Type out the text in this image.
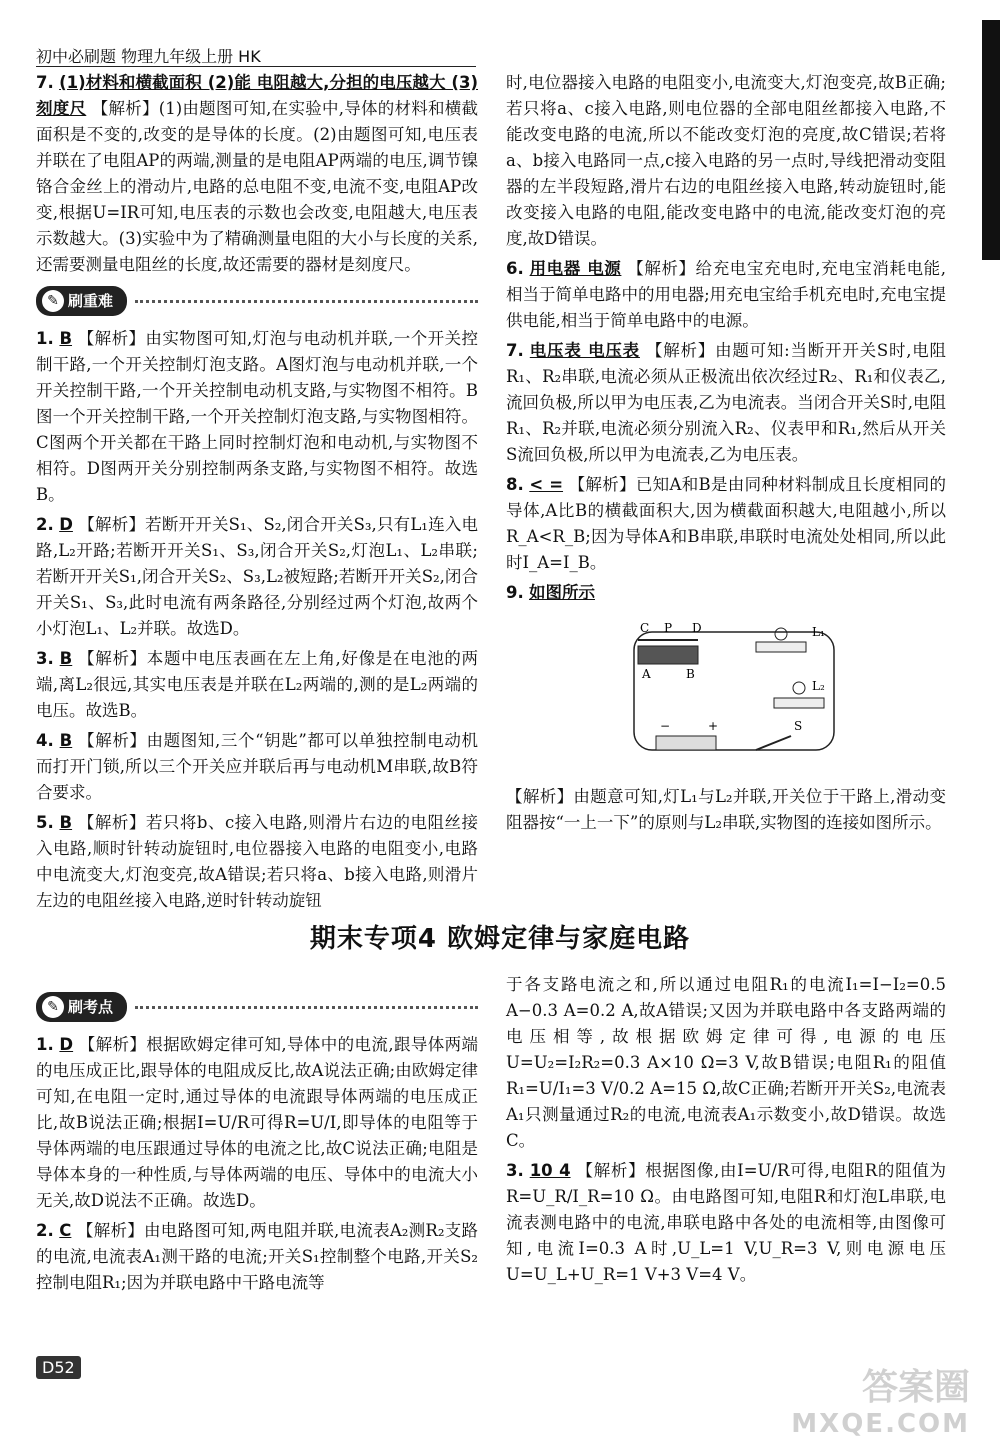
初中必刷题 物理九年级上册 HK
7. (1)材料和横截面积 (2)能 电阻越大,分担的电压越大 (3)刻度尺 【解析】(1)由题图可知,在实验中,导体的材料和横截面积是不变的,改变的是导体的长度。(2)由题图可知,电压表并联在了电阻AP的两端,测量的是电阻AP两端的电压,调节镍铬合金丝上的滑动片,电路的总电阻不变,电流不变,电阻AP改变,根据U=IR可知,电压表的示数也会改变,电阻越大,电压表示数越大。(3)实验中为了精确测量电阻的大小与长度的关系,还需要测量电阻丝的长度,故还需要的器材是刻度尺。
✎ 刷重难
1. B 【解析】由实物图可知,灯泡与电动机并联,一个开关控制干路,一个开关控制灯泡支路。A图灯泡与电动机并联,一个开关控制干路,一个开关控制电动机支路,与实物图不相符。B图一个开关控制干路,一个开关控制灯泡支路,与实物图相符。C图两个开关都在干路上同时控制灯泡和电动机,与实物图不相符。D图两开关分别控制两条支路,与实物图不相符。故选B。
2. D 【解析】若断开开关S₁、S₂,闭合开关S₃,只有L₁连入电路,L₂开路;若断开开关S₁、S₃,闭合开关S₂,灯泡L₁、L₂串联;若断开开关S₁,闭合开关S₂、S₃,L₂被短路;若断开开关S₂,闭合开关S₁、S₃,此时电流有两条路径,分别经过两个灯泡,故两个小灯泡L₁、L₂并联。故选D。
3. B 【解析】本题中电压表画在左上角,好像是在电池的两端,离L₂很远,其实电压表是并联在L₂两端的,测的是L₂两端的电压。故选B。
4. B 【解析】由题图知,三个“钥匙”都可以单独控制电动机而打开门锁,所以三个开关应并联后再与电动机M串联,故B符合要求。
5. B 【解析】若只将b、c接入电路,则滑片右边的电阻丝接入电路,顺时针转动旋钮时,电位器接入电路的电阻变小,电路中电流变大,灯泡变亮,故A错误;若只将a、b接入电路,则滑片左边的电阻丝接入电路,逆时针转动旋钮
时,电位器接入电路的电阻变小,电流变大,灯泡变亮,故B正确;若只将a、c接入电路,则电位器的全部电阻丝都接入电路,不能改变电路的电流,所以不能改变灯泡的亮度,故C错误;若将a、b接入电路同一点,c接入电路的另一点时,导线把滑动变阻器的左半段短路,滑片右边的电阻丝接入电路,转动旋钮时,能改变接入电路的电阻,能改变电路中的电流,能改变灯泡的亮度,故D错误。
6. 用电器 电源 【解析】给充电宝充电时,充电宝消耗电能,相当于简单电路中的用电器;用充电宝给手机充电时,充电宝提供电能,相当于简单电路中的电源。
7. 电压表 电压表 【解析】由题可知:当断开开关S时,电阻R₁、R₂串联,电流必须从正极流出依次经过R₂、R₁和仪表乙,流回负极,所以甲为电压表,乙为电流表。当闭合开关S时,电阻R₁、R₂并联,电流必须分别流入R₂、仪表甲和R₁,然后从开关S流回负极,所以甲为电流表,乙为电压表。
8. < = 【解析】已知A和B是由同种材料制成且长度相同的导体,A比B的横截面积大,因为横截面积越大,电阻越小,所以R_A<R_B;因为导体A和B串联,串联时电流处处相同,所以此时I_A=I_B。
9. 如图所示
C P D
A	B
L₁
L₂
S
−	+
【解析】由题意可知,灯L₁与L₂并联,开关位于干路上,滑动变阻器按“一上一下”的原则与L₂串联,实物图的连接如图所示。
期末专项4 欧姆定律与家庭电路
✎ 刷考点
1. D 【解析】根据欧姆定律可知,导体中的电流,跟导体两端的电压成正比,跟导体的电阻成反比,故A说法正确;由欧姆定律可知,在电阻一定时,通过导体的电流跟导体两端的电压成正比,故B说法正确;根据I=U/R可得R=U/I,即导体的电阻等于导体两端的电压跟通过导体的电流之比,故C说法正确;电阻是导体本身的一种性质,与导体两端的电压、导体中的电流大小无关,故D说法不正确。故选D。
2. C 【解析】由电路图可知,两电阻并联,电流表A₂测R₂支路的电流,电流表A₁测干路的电流;开关S₁控制整个电路,开关S₂控制电阻R₁;因为并联电路中干路电流等
于各支路电流之和,所以通过电阻R₁的电流I₁=I−I₂=0.5 A−0.3 A=0.2 A,故A错误;又因为并联电路中各支路两端的电压相等,故根据欧姆定律可得,电源的电压U=U₂=I₂R₂=0.3 A×10 Ω=3 V,故B错误;电阻R₁的阻值R₁=U/I₁=3 V/0.2 A=15 Ω,故C正确;若断开开关S₂,电流表A₁只测量通过R₂的电流,电流表A₁示数变小,故D错误。故选C。
3. 10 4 【解析】根据图像,由I=U/R可得,电阻R的阻值为R=U_R/I_R=10 Ω。由电路图可知,电阻R和灯泡L串联,电流表测电路中的电流,串联电路中各处的电流相等,由图像可知,电流I=0.3 A时,U_L=1 V,U_R=3 V,则电源电压U=U_L+U_R=1 V+3 V=4 V。
D52	答案圈
MXQE.COM
